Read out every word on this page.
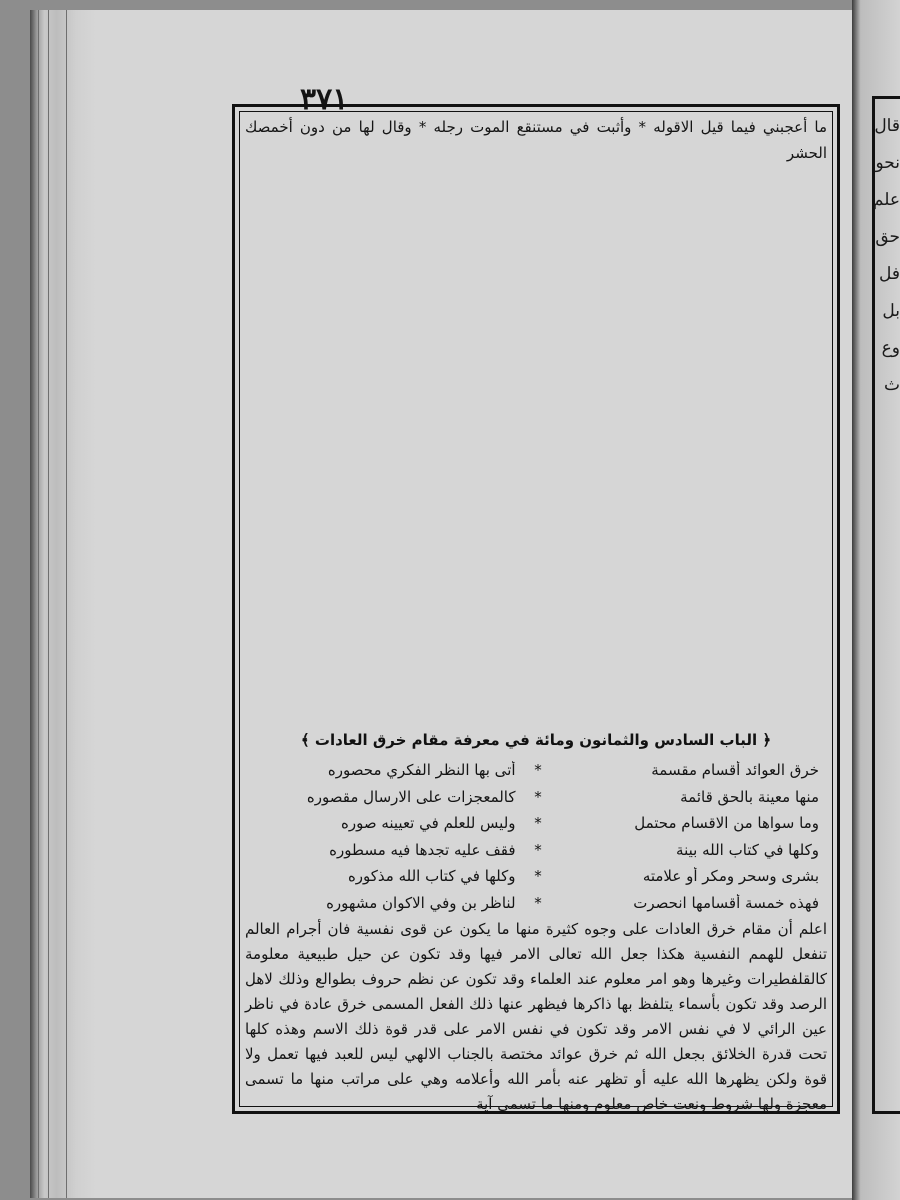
٣٧١

ما أعجبني فيما قيل الاقوله * وأثبت في مستنقع الموت رجله * وقال لها من دون أخمصك الحشر

﴿ الباب السادس والثمانون ومائة في معرفة مقام خرق العادات ﴾
خرق العوائد أقسام مقسمة
*
أتى بها النظر الفكري محصوره
منها معينة بالحق قائمة
*
كالمعجزات على الارسال مقصوره
وما سواها من الاقسام محتمل
*
وليس للعلم في تعيينه صوره
وكلها في كتاب الله بينة
*
فقف عليه تجدها فيه مسطوره
بشرى وسحر ومكر أو علامته
*
وكلها في كتاب الله مذكوره
فهذه خمسة أقسامها انحصرت
*
لناظر بن وفي الاكوان مشهوره

اعلم أن مقام خرق العادات على وجوه كثيرة منها ما يكون عن قوى نفسية فان أجرام العالم تنفعل للهمم النفسية هكذا جعل الله تعالى الامر فيها وقد تكون عن حيل طبيعية معلومة كالقلفطيرات وغيرها وهو امر معلوم عند العلماء وقد تكون عن نظم حروف بطوالع وذلك لاهل الرصد وقد تكون بأسماء يتلفظ بها ذاكرها فيظهر عنها ذلك الفعل المسمى خرق عادة في ناظر عين الرائي لا في نفس الامر وقد تكون في نفس الامر على قدر قوة ذلك الاسم وهذه كلها تحت قدرة الخلائق بجعل الله ثم خرق عوائد مختصة بالجناب الالهي ليس للعبد فيها تعمل ولا قوة ولكن يظهرها الله عليه أو تظهر عنه بأمر الله وأعلامه وهي على مراتب منها ما تسمى معجزة ولها شروط ونعت خاص معلوم ومنها ما تسمى آية

قال نحو علم حق فل بل وع ث
